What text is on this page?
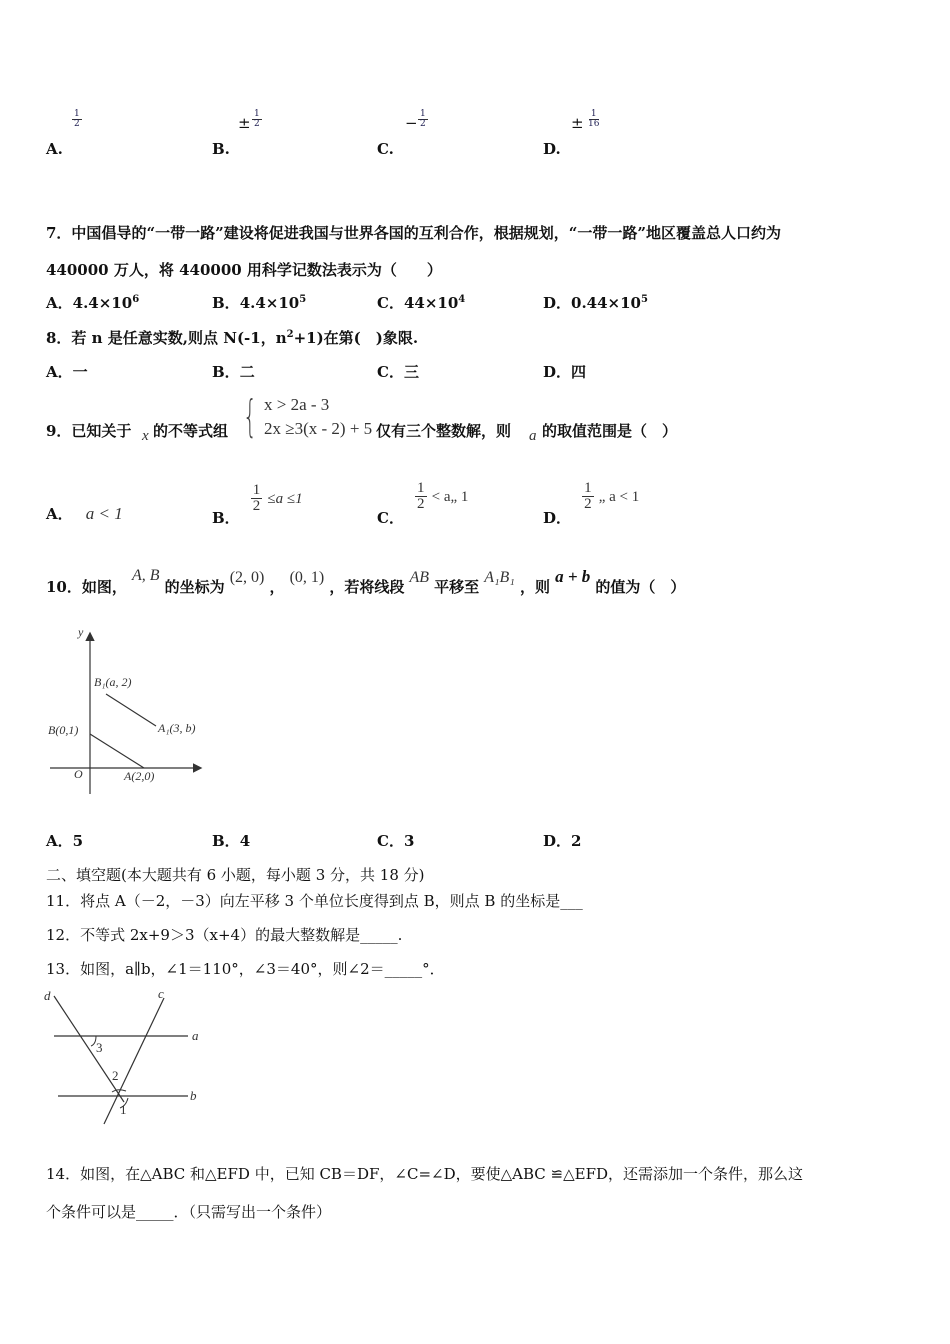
A.
$\frac{1}{2}$
B.
± $\frac{1}{2}$
C.
− $\frac{1}{2}$
D.
± $\frac{1}{16}$
7．中国倡导的“一带一路”建设将促进我国与世界各国的互利合作，根据规划，“一带一路”地区覆盖总人口约为
440000 万人，将 440000 用科学记数法表示为（　　）
A．$4.4\times 10^6$	B．$4.4\times 10^5$	C．$44\times 10^4$	D．$0.44\times 10^5$
8．若 n 是任意实数,则点 N(-1，$n^2+1$)在第(　)象限.
A．一	B．二	C．三	D．四
9．已知关于 x 的不等式组 { x > 2a - 3
2x ≥3(x - 2) + 5 仅有三个整数解，则 a 的取值范围是（　）
A． a < 1	B．
$\frac{1}{2} \le a \le 1$
C．
$\frac{1}{2}$ < a„ 1
D．
$\frac{1}{2}$ „ a < 1
10．如图， A, B 的坐标为 (2, 0) ， (0, 1) ，若将线段 AB 平移至 A₁B₁ ，则 a + b 的值为（　）
y
O
B₁(a, 2)
A₁(3, b)
B(0,1)
A(2,0)
A．5	B．4	C．3	D．2
二、填空题(本大题共有 6 小题，每小题 3 分，共 18 分)
11．将点 A（－2，－3）向左平移 3 个单位长度得到点 B，则点 B 的坐标是___
12．不等式 2x+9＞3（x+4）的最大整数解是_____.
13．如图，a∥b，∠1＝110°，∠3＝40°，则∠2＝_____°．
d	c
a
b
3
2
1
14．如图，在△ABC 和△EFD 中，已知 CB＝DF，∠C=∠D，要使△ABC ≌△EFD，还需添加一个条件，那么这
个条件可以是_____．（只需写出一个条件）
